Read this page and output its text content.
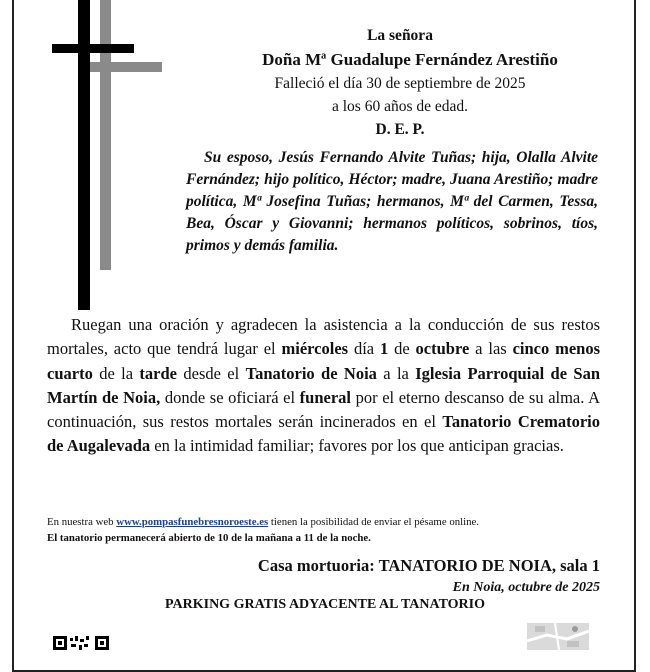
La señora
Doña Mª Guadalupe Fernández Arestiño
Falleció el día 30 de septiembre de 2025
a los 60 años de edad.
D. E. P.
Su esposo, Jesús Fernando Alvite Tuñas; hija, Olalla Alvite Fernández; hijo político, Héctor; madre, Juana Arestiño; madre política, Mª Josefina Tuñas; hermanos, Mª del Carmen, Tessa, Bea, Óscar y Giovanni; hermanos políticos, sobrinos, tíos, primos y demás familia.
Ruegan una oración y agradecen la asistencia a la conducción de sus restos mortales, acto que tendrá lugar el miércoles día 1 de octubre a las cinco menos cuarto de la tarde desde el Tanatorio de Noia a la Iglesia Parroquial de San Martín de Noia, donde se oficiará el funeral por el eterno descanso de su alma. A continuación, sus restos mortales serán incinerados en el Tanatorio Crematorio de Augalevada en la intimidad familiar; favores por los que anticipan gracias.
En nuestra web www.pompasfunebresnoroeste.es tienen la posibilidad de enviar el pésame online.
El tanatorio permanecerá abierto de 10 de la mañana a 11 de la noche.
Casa mortuoria: TANATORIO DE NOIA, sala 1
En Noia, octubre de 2025
PARKING GRATIS ADYACENTE AL TANATORIO
